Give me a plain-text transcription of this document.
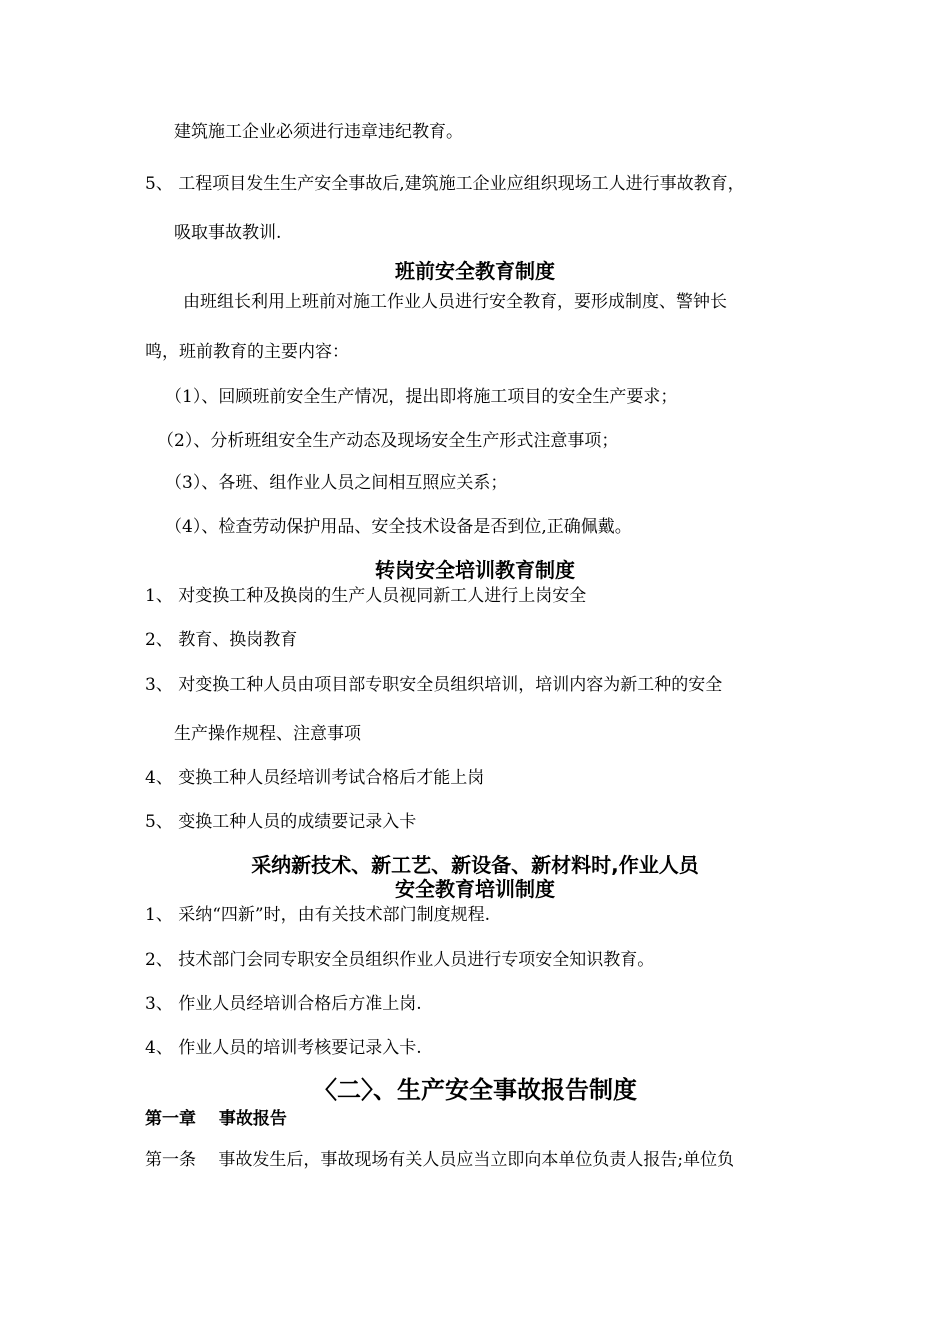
建筑施工企业必须进行违章违纪教育。

5、 工程项目发生生产安全事故后,建筑施工企业应组织现场工人进行事故教育，

吸取事故教训.

班前安全教育制度

由班组长利用上班前对施工作业人员进行安全教育，要形成制度、警钟长

鸣，班前教育的主要内容：

（1）、回顾班前安全生产情况，提出即将施工项目的安全生产要求；

（2）、分析班组安全生产动态及现场安全生产形式注意事项；

（3）、各班、组作业人员之间相互照应关系；

（4）、检查劳动保护用品、安全技术设备是否到位,正确佩戴。

转岗安全培训教育制度

1、 对变换工种及换岗的生产人员视同新工人进行上岗安全

2、 教育、换岗教育

3、 对变换工种人员由项目部专职安全员组织培训，培训内容为新工种的安全

生产操作规程、注意事项

4、 变换工种人员经培训考试合格后才能上岗

5、 变换工种人员的成绩要记录入卡

采纳新技术、新工艺、新设备、新材料时,作业人员
安全教育培训制度

1、 采纳“四新”时，由有关技术部门制度规程.

2、 技术部门会同专职安全员组织作业人员进行专项安全知识教育。

3、 作业人员经培训合格后方准上岗.

4、 作业人员的培训考核要记录入卡.

〈二〉、生产安全事故报告制度

第一章　 事故报告

第一条　 事故发生后，事故现场有关人员应当立即向本单位负责人报告;单位负
